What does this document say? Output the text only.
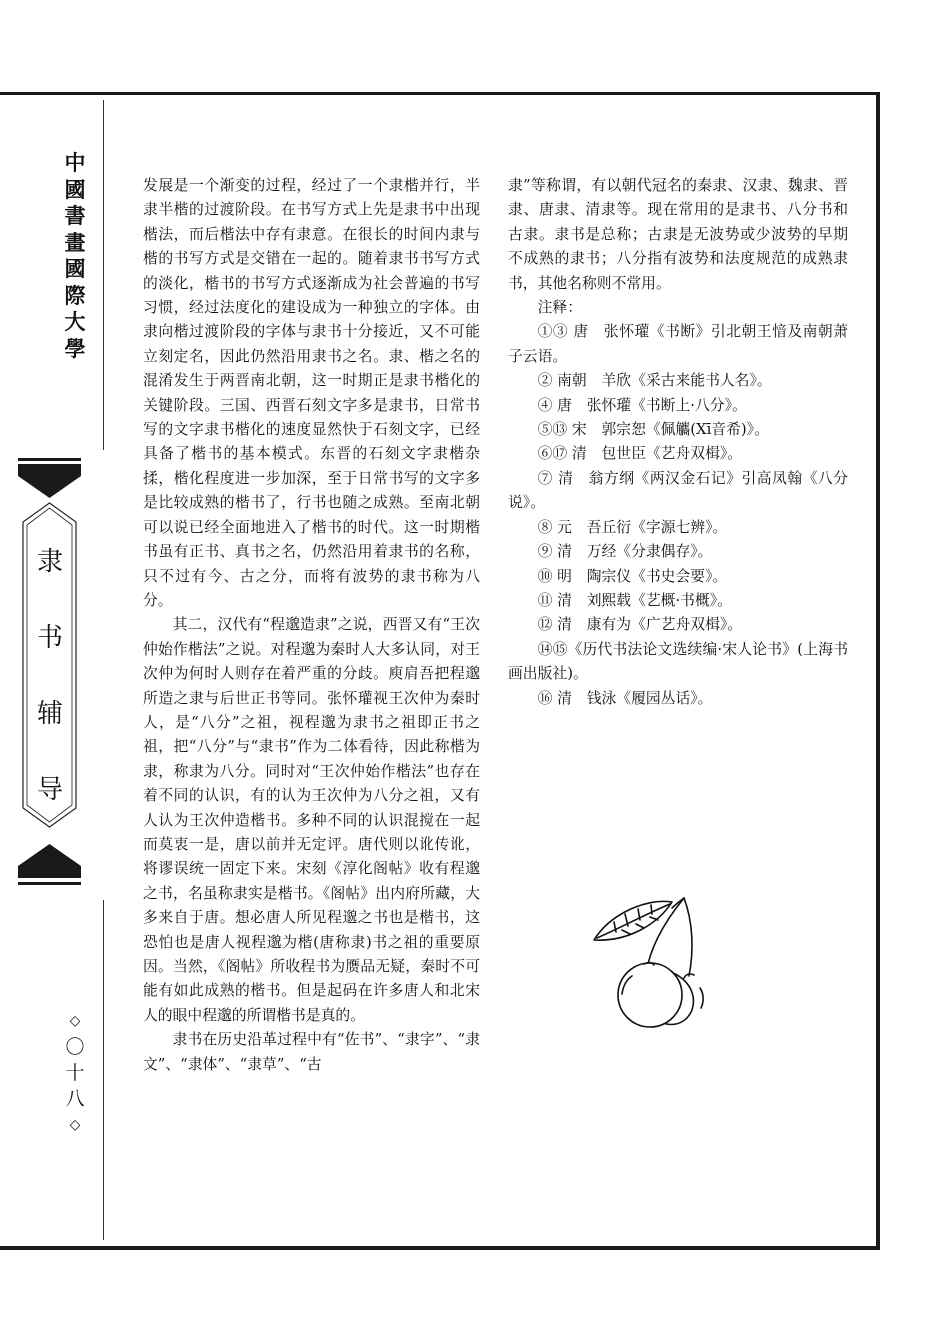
中
國
書
畫
國
際
大
學
隶
书
辅
导
◇
〇
十
八
◇

发展是一个渐变的过程，经过了一个隶楷并行，半隶半楷的过渡阶段。在书写方式上先是隶书中出现楷法，而后楷法中存有隶意。在很长的时间内隶与楷的书写方式是交错在一起的。随着隶书书写方式的淡化，楷书的书写方式逐渐成为社会普遍的书写习惯，经过法度化的建设成为一种独立的字体。由隶向楷过渡阶段的字体与隶书十分接近，又不可能立刻定名，因此仍然沿用隶书之名。隶、楷之名的混淆发生于两晋南北朝，这一时期正是隶书楷化的关键阶段。三国、西晋石刻文字多是隶书，日常书写的文字隶书楷化的速度显然快于石刻文字，已经具备了楷书的基本模式。东晋的石刻文字隶楷杂揉，楷化程度进一步加深，至于日常书写的文字多是比较成熟的楷书了，行书也随之成熟。至南北朝可以说已经全面地进入了楷书的时代。这一时期楷书虽有正书、真书之名，仍然沿用着隶书的名称，只不过有今、古之分，而将有波势的隶书称为八分。

其二，汉代有“程邈造隶”之说，西晋又有“王次仲始作楷法”之说。对程邈为秦时人大多认同，对王次仲为何时人则存在着严重的分歧。庾肩吾把程邈所造之隶与后世正书等同。张怀瓘视王次仲为秦时人，是“八分”之祖，视程邈为隶书之祖即正书之祖，把“八分”与“隶书”作为二体看待，因此称楷为隶，称隶为八分。同时对“王次仲始作楷法”也存在着不同的认识，有的认为王次仲为八分之祖，又有人认为王次仲造楷书。多种不同的认识混搅在一起而莫衷一是，唐以前并无定评。唐代则以讹传讹，将谬误统一固定下来。宋刻《淳化阁帖》收有程邈之书，名虽称隶实是楷书。《阁帖》出内府所藏，大多来自于唐。想必唐人所见程邈之书也是楷书，这恐怕也是唐人视程邈为楷(唐称隶)书之祖的重要原因。当然，《阁帖》所收程书为赝品无疑，秦时不可能有如此成熟的楷书。但是起码在许多唐人和北宋人的眼中程邈的所谓楷书是真的。

隶书在历史沿革过程中有“佐书”、“隶字”、“隶文”、“隶体”、“隶草”、“古

隶”等称谓，有以朝代冠名的秦隶、汉隶、魏隶、晋隶、唐隶、清隶等。现在常用的是隶书、八分书和古隶。隶书是总称；古隶是无波势或少波势的早期不成熟的隶书；八分指有波势和法度规范的成熟隶书，其他名称则不常用。

注释：

①③ 唐　张怀瓘《书断》引北朝王愔及南朝萧子云语。

② 南朝　羊欣《采古来能书人名》。

④ 唐　张怀瓘《书断上·八分》。

⑤⑬ 宋　郭宗恕《佩觿(Xī音希)》。

⑥⑰ 清　包世臣《艺舟双楫》。

⑦ 清　翁方纲《两汉金石记》引高凤翰《八分说》。

⑧ 元　吾丘衍《字源七辨》。

⑨ 清　万经《分隶偶存》。

⑩ 明　陶宗仪《书史会要》。

⑪ 清　刘熙载《艺概·书概》。

⑫ 清　康有为《广艺舟双楫》。

⑭⑮《历代书法论文选续编·宋人论书》(上海书画出版社)。

⑯ 清　钱泳《履园丛话》。
